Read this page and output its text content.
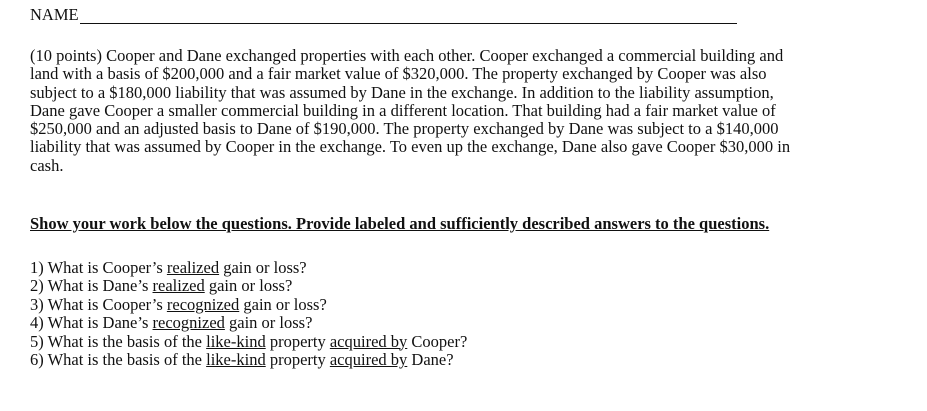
NAME
(10 points) Cooper and Dane exchanged properties with each other. Cooper exchanged a commercial building and
land with a basis of $200,000 and a fair market value of $320,000. The property exchanged by Cooper was also
subject to a $180,000 liability that was assumed by Dane in the exchange. In addition to the liability assumption,
Dane gave Cooper a smaller commercial building in a different location. That building had a fair market value of
$250,000 and an adjusted basis to Dane of $190,000. The property exchanged by Dane was subject to a $140,000
liability that was assumed by Cooper in the exchange. To even up the exchange, Dane also gave Cooper $30,000 in
cash.
Show your work below the questions. Provide labeled and sufficiently described answers to the questions.
1) What is Cooper’s realized gain or loss?
2) What is Dane’s realized gain or loss?
3) What is Cooper’s recognized gain or loss?
4) What is Dane’s recognized gain or loss?
5) What is the basis of the like-kind property acquired by Cooper?
6) What is the basis of the like-kind property acquired by Dane?
